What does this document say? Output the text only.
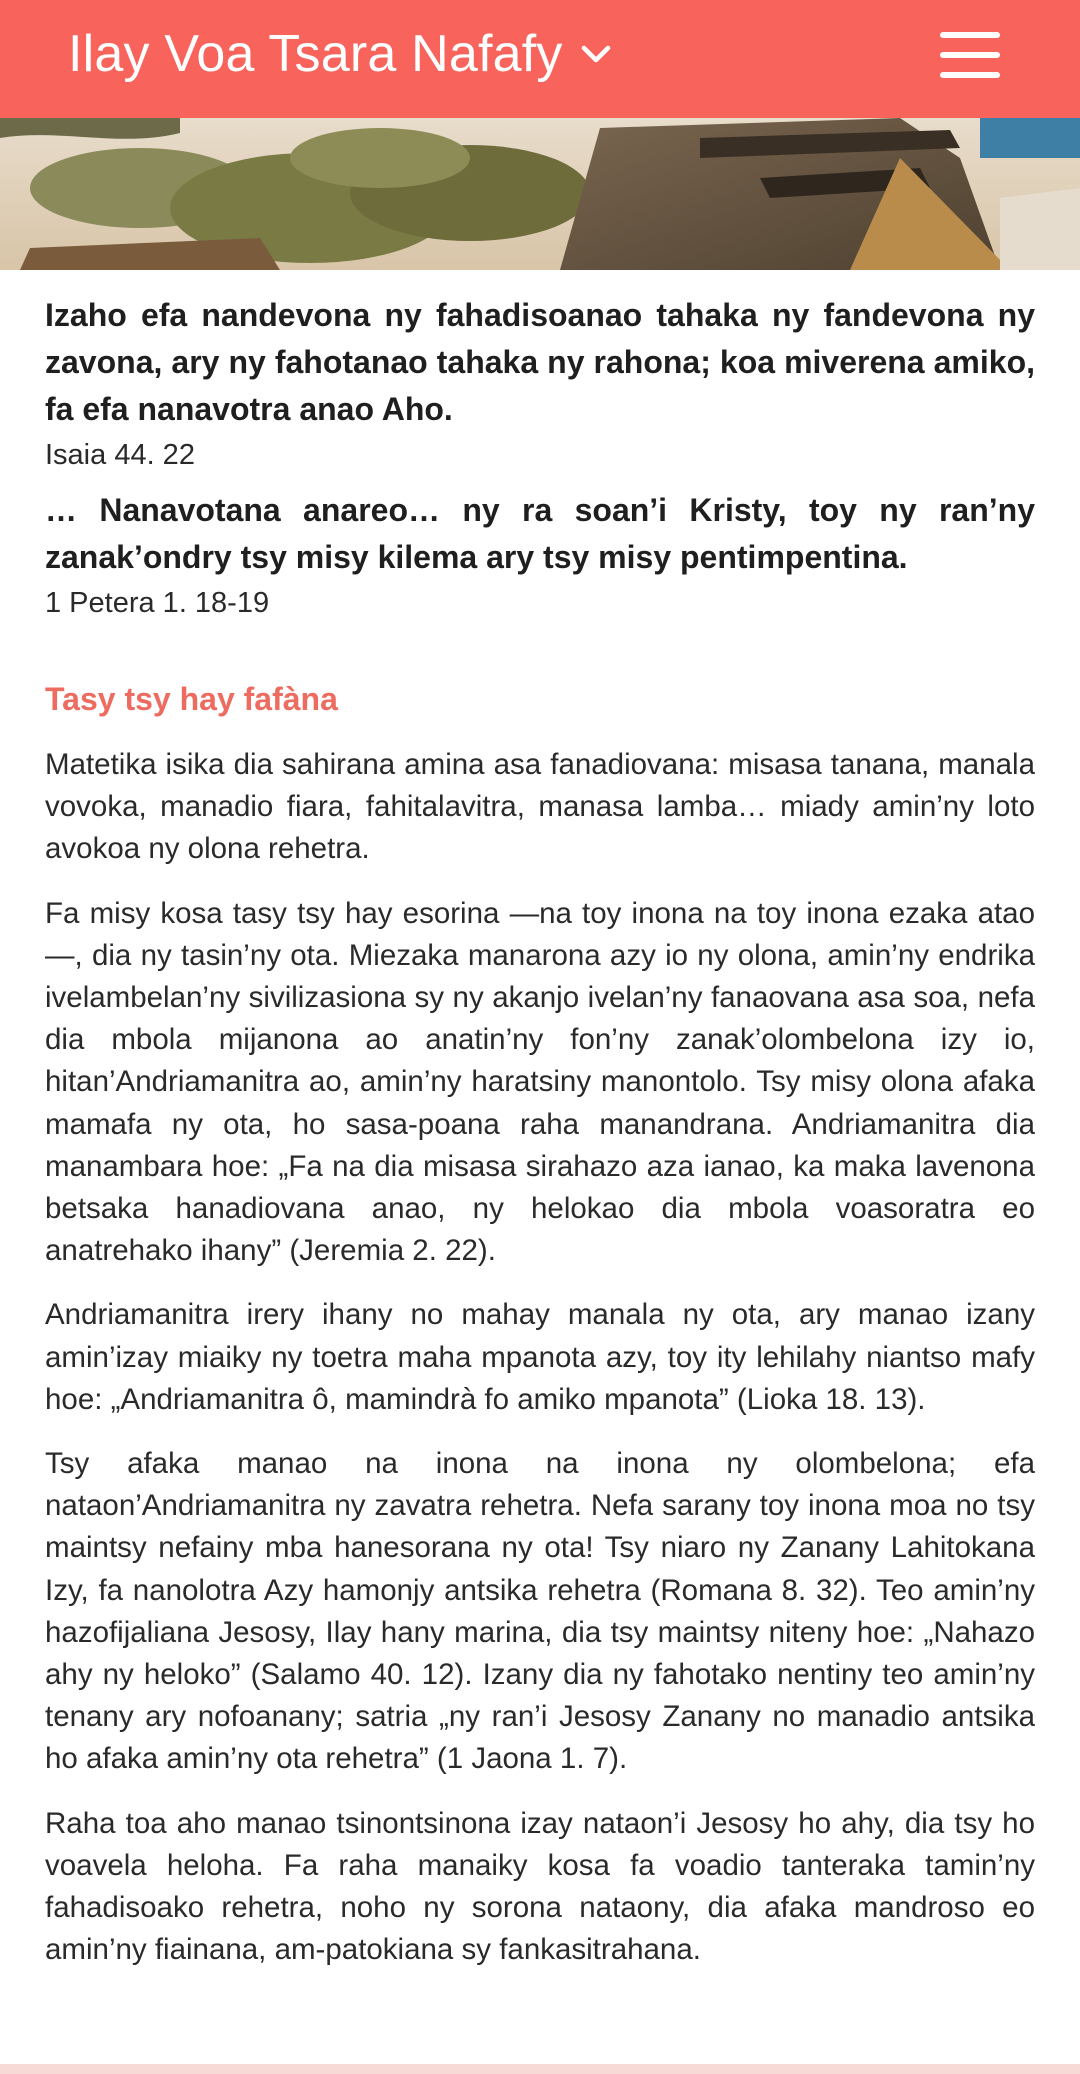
Ilay Voa Tsara Nafafy

Izaho efa nandevona ny fahadisoanao tahaka ny fandevona ny zavona, ary ny fahotanao tahaka ny rahona; koa miverena amiko, fa efa nanavotra anao Aho.

Isaia 44. 22

… Nanavotana anareo… ny ra soan’i Kristy, toy ny ran’ny zanak’ondry tsy misy kilema ary tsy misy pentimpentina.

1 Petera 1. 18-19
Tasy tsy hay fafàna

Matetika isika dia sahirana amina asa fanadiovana: misasa tanana, manala vovoka, manadio fiara, fahitalavitra, manasa lamba… miady amin’ny loto avokoa ny olona rehetra.

Fa misy kosa tasy tsy hay esorina —na toy inona na toy inona ezaka atao—, dia ny tasin’ny ota. Miezaka manarona azy io ny olona, amin’ny endrika ivelambelan’ny sivilizasiona sy ny akanjo ivelan’ny fanaovana asa soa, nefa dia mbola mijanona ao anatin’ny fon’ny zanak’olombelona izy io, hitan’Andriamanitra ao, amin’ny haratsiny manontolo. Tsy misy olona afaka mamafa ny ota, ho sasa-poana raha manandrana. Andriamanitra dia manambara hoe: „Fa na dia misasa sirahazo aza ianao, ka maka lavenona betsaka hanadiovana anao, ny helokao dia mbola voasoratra eo anatrehako ihany” (Jeremia 2. 22).

Andriamanitra irery ihany no mahay manala ny ota, ary manao izany amin’izay miaiky ny toetra maha mpanota azy, toy ity lehilahy niantso mafy hoe: „Andriamanitra ô, mamindrà fo amiko mpanota” (Lioka 18. 13).

Tsy afaka manao na inona na inona ny olombelona; efa nataon’Andriamanitra ny zavatra rehetra. Nefa sarany toy inona moa no tsy maintsy nefainy mba hanesorana ny ota! Tsy niaro ny Zanany Lahitokana Izy, fa nanolotra Azy hamonjy antsika rehetra (Romana 8. 32). Teo amin’ny hazofijaliana Jesosy, Ilay hany marina, dia tsy maintsy niteny hoe: „Nahazo ahy ny heloko” (Salamo 40. 12). Izany dia ny fahotako nentiny teo amin’ny tenany ary nofoanany; satria „ny ran’i Jesosy Zanany no manadio antsika ho afaka amin’ny ota rehetra” (1 Jaona 1. 7).

Raha toa aho manao tsinontsinona izay nataon’i Jesosy ho ahy, dia tsy ho voavela heloha. Fa raha manaiky kosa fa voadio tanteraka tamin’ny fahadisoako rehetra, noho ny sorona nataony, dia afaka mandroso eo amin’ny fiainana, am-patokiana sy fankasitrahana.
